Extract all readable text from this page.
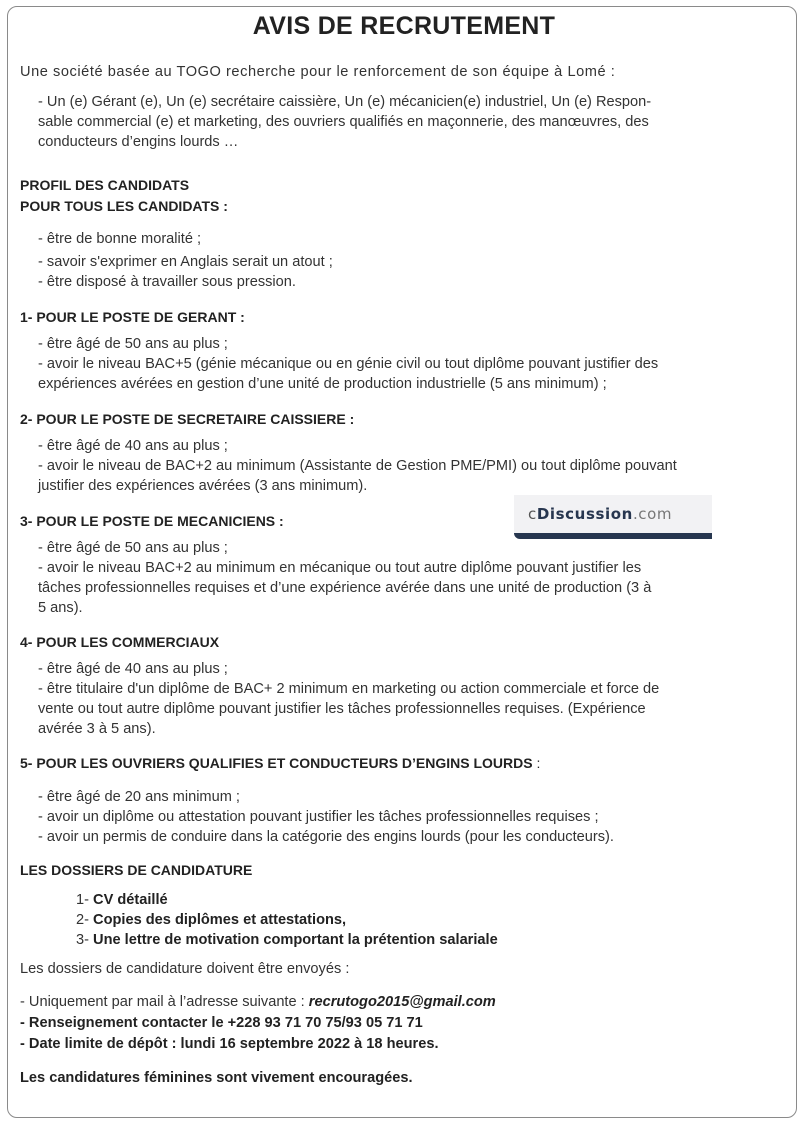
AVIS DE RECRUTEMENT
Une société basée au TOGO recherche pour le renforcement de son équipe à Lomé :
- Un (e) Gérant (e), Un (e) secrétaire caissière, Un (e) mécanicien(e) industriel, Un (e) Respon-
sable commercial (e) et marketing, des ouvriers qualifiés en maçonnerie, des manœuvres, des
conducteurs d’engins lourds …
PROFIL DES CANDIDATS
POUR TOUS LES CANDIDATS :
- être de bonne moralité ;
- savoir s'exprimer en Anglais serait un atout ;
- être disposé à travailler sous pression.
1- POUR LE POSTE DE GERANT :
- être âgé de 50 ans au plus ;
- avoir le niveau BAC+5 (génie mécanique ou en génie civil ou tout diplôme pouvant justifier des
expériences avérées en gestion d’une unité de production industrielle (5 ans minimum) ;
2- POUR LE POSTE DE SECRETAIRE CAISSIERE :
- être âgé de 40 ans au plus ;
- avoir le niveau de BAC+2 au minimum (Assistante de Gestion PME/PMI) ou tout diplôme pouvant
justifier des expériences avérées (3 ans minimum).
cDiscussion.com
3- POUR LE POSTE DE MECANICIENS :
- être âgé de 50 ans au plus ;
- avoir le niveau BAC+2 au minimum en mécanique ou tout autre diplôme pouvant justifier les
tâches professionnelles requises et d’une expérience avérée dans une unité de production (3 à
5 ans).
4- POUR LES COMMERCIAUX
- être âgé de 40 ans au plus ;
- être titulaire d'un diplôme de BAC+ 2 minimum en marketing ou action commerciale et force de
vente ou tout autre diplôme pouvant justifier les tâches professionnelles requises. (Expérience
avérée 3 à 5 ans).
5- POUR LES OUVRIERS QUALIFIES ET CONDUCTEURS D’ENGINS LOURDS :
- être âgé de 20 ans minimum ;
- avoir un diplôme ou attestation pouvant justifier les tâches professionnelles requises ;
- avoir un permis de conduire dans la catégorie des engins lourds (pour les conducteurs).
LES DOSSIERS DE CANDIDATURE
1- CV détaillé
2- Copies des diplômes et attestations,
3- Une lettre de motivation comportant la prétention salariale
Les dossiers de candidature doivent être envoyés :
- Uniquement par mail à l’adresse suivante : recrutogo2015@gmail.com
- Renseignement contacter le +228 93 71 70 75/93 05 71 71
- Date limite de dépôt : lundi 16 septembre 2022 à 18 heures.
Les candidatures féminines sont vivement encouragées.
